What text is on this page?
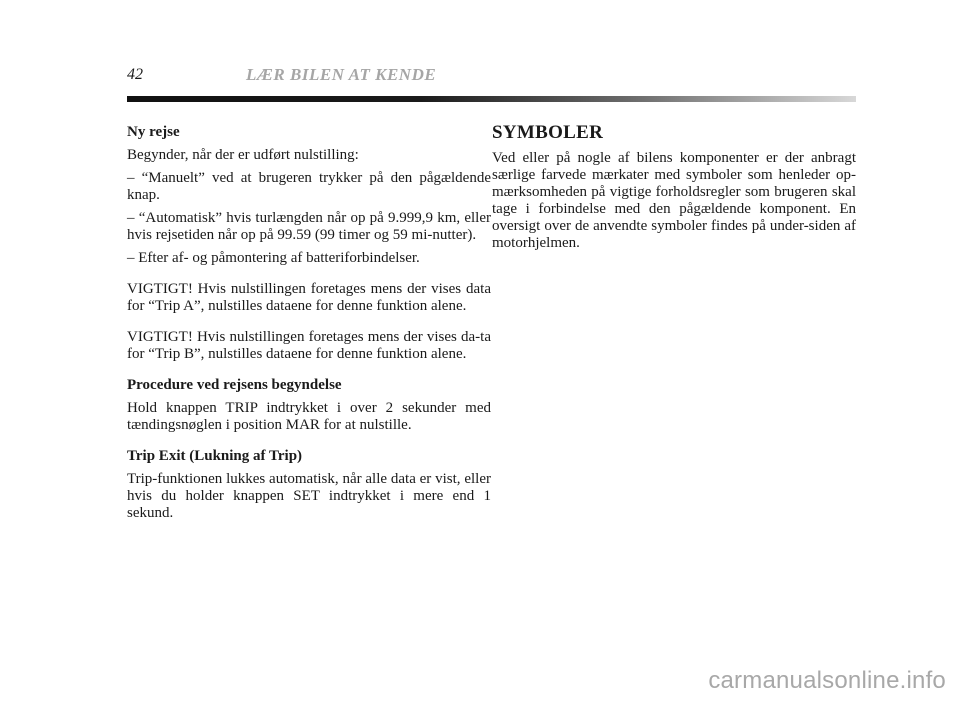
42	LÆR BILEN AT KENDE
Ny rejse

Begynder, når der er udført nulstilling:

– “Manuelt” ved at brugeren trykker på den pågældende knap.

– “Automatisk” hvis turlængden når op på 9.999,9 km, eller hvis rejsetiden når op på 99.59 (99 timer og 59 mi-nutter).

– Efter af- og påmontering af batteriforbindelser.

VIGTIGT! Hvis nulstillingen foretages mens der vises data for “Trip A”, nulstilles dataene for denne funktion alene.

VIGTIGT! Hvis nulstillingen foretages mens der vises da-ta for “Trip B”, nulstilles dataene for denne funktion alene.

Procedure ved rejsens begyndelse

Hold knappen TRIP indtrykket i over 2 sekunder med tændingsnøglen i position MAR for at nulstille.

Trip Exit (Lukning af Trip)

Trip-funktionen lukkes automatisk, når alle data er vist, eller hvis du holder knappen SET indtrykket i mere end 1 sekund.

SYMBOLER

Ved eller på nogle af bilens komponenter er der anbragt særlige farvede mærkater med symboler som henleder op-mærksomheden på vigtige forholdsregler som brugeren skal tage i forbindelse med den pågældende komponent. En oversigt over de anvendte symboler findes på under-siden af motorhjelmen.

carmanualsonline.info
